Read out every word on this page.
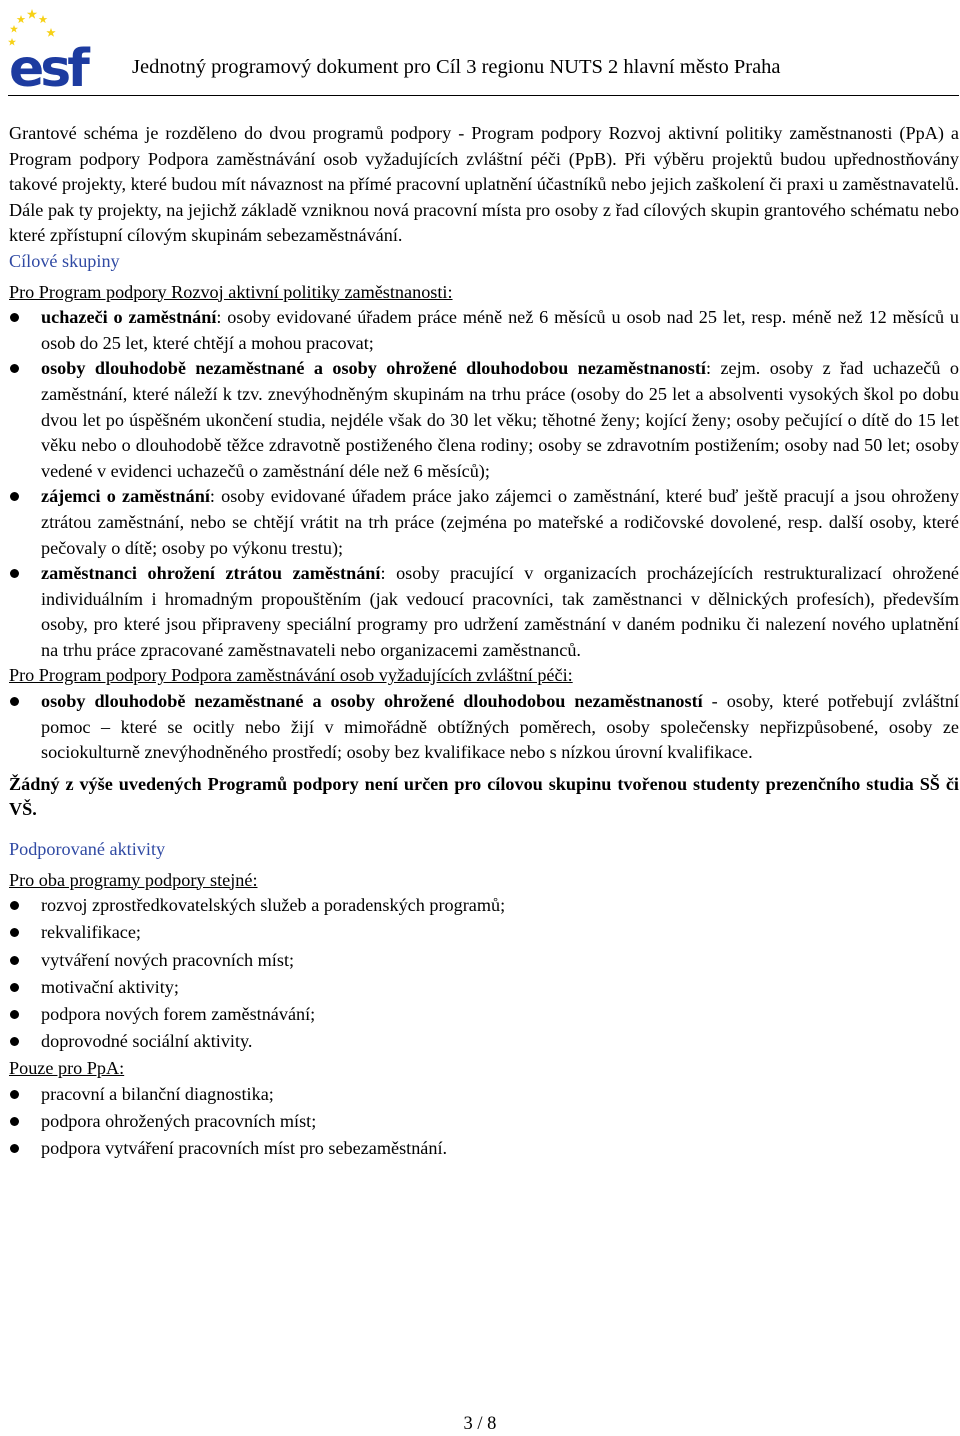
esf Jednotný programový dokument pro Cíl 3 regionu NUTS 2 hlavní město Praha

Grantové schéma je rozděleno do dvou programů podpory - Program podpory Rozvoj aktivní politiky zaměstnanosti (PpA) a Program podpory Podpora zaměstnávání osob vyžadujících zvláštní péči (PpB). Při výběru projektů budou upřednostňovány takové projekty, které budou mít návaznost na přímé pracovní uplatnění účastníků nebo jejich zaškolení či praxi u zaměstnavatelů. Dále pak ty projekty, na jejichž základě vzniknou nová pracovní místa pro osoby z řad cílových skupin grantového schématu nebo které zpřístupní cílovým skupinám sebezaměstnávání.

Cílové skupiny

Pro Program podpory Rozvoj aktivní politiky zaměstnanosti:

uchazeči o zaměstnání: osoby evidované úřadem práce méně než 6 měsíců u osob nad 25 let, resp. méně než 12 měsíců u osob do 25 let, které chtějí a mohou pracovat;
osoby dlouhodobě nezaměstnané a osoby ohrožené dlouhodobou nezaměstnaností: zejm. osoby z řad uchazečů o zaměstnání, které náleží k tzv. znevýhodněným skupinám na trhu práce (osoby do 25 let a absolventi vysokých škol po dobu dvou let po úspěšném ukončení studia, nejdéle však do 30 let věku; těhotné ženy; kojící ženy; osoby pečující o dítě do 15 let věku nebo o dlouhodobě těžce zdravotně postiženého člena rodiny; osoby se zdravotním postižením; osoby nad 50 let; osoby vedené v evidenci uchazečů o zaměstnání déle než 6 měsíců);
zájemci o zaměstnání: osoby evidované úřadem práce jako zájemci o zaměstnání, které buď ještě pracují a jsou ohroženy ztrátou zaměstnání, nebo se chtějí vrátit na trh práce (zejména po mateřské a rodičovské dovolené, resp. další osoby, které pečovaly o dítě; osoby po výkonu trestu);
zaměstnanci ohrožení ztrátou zaměstnání: osoby pracující v organizacích procházejících restrukturalizací ohrožené individuálním i hromadným propouštěním (jak vedoucí pracovníci, tak zaměstnanci v dělnických profesích), především osoby, pro které jsou připraveny speciální programy pro udržení zaměstnání v daném podniku či nalezení nového uplatnění na trhu práce zpracované zaměstnavateli nebo organizacemi zaměstnanců.

Pro Program podpory Podpora zaměstnávání osob vyžadujících zvláštní péči:

osoby dlouhodobě nezaměstnané a osoby ohrožené dlouhodobou nezaměstnaností - osoby, které potřebují zvláštní pomoc – které se ocitly nebo žijí v mimořádně obtížných poměrech, osoby společensky nepřizpůsobené, osoby ze sociokulturně znevýhodněného prostředí; osoby bez kvalifikace nebo s nízkou úrovní kvalifikace.

Žádný z výše uvedených Programů podpory není určen pro cílovou skupinu tvořenou studenty prezenčního studia SŠ či VŠ.

Podporované aktivity

Pro oba programy podpory stejné:

rozvoj zprostředkovatelských služeb a poradenských programů;
rekvalifikace;
vytváření nových pracovních míst;
motivační aktivity;
podpora nových forem zaměstnávání;
doprovodné sociální aktivity.

Pouze pro PpA:

pracovní a bilanční diagnostika;
podpora ohrožených pracovních míst;
podpora vytváření pracovních míst pro sebezaměstnání.
3 / 8
